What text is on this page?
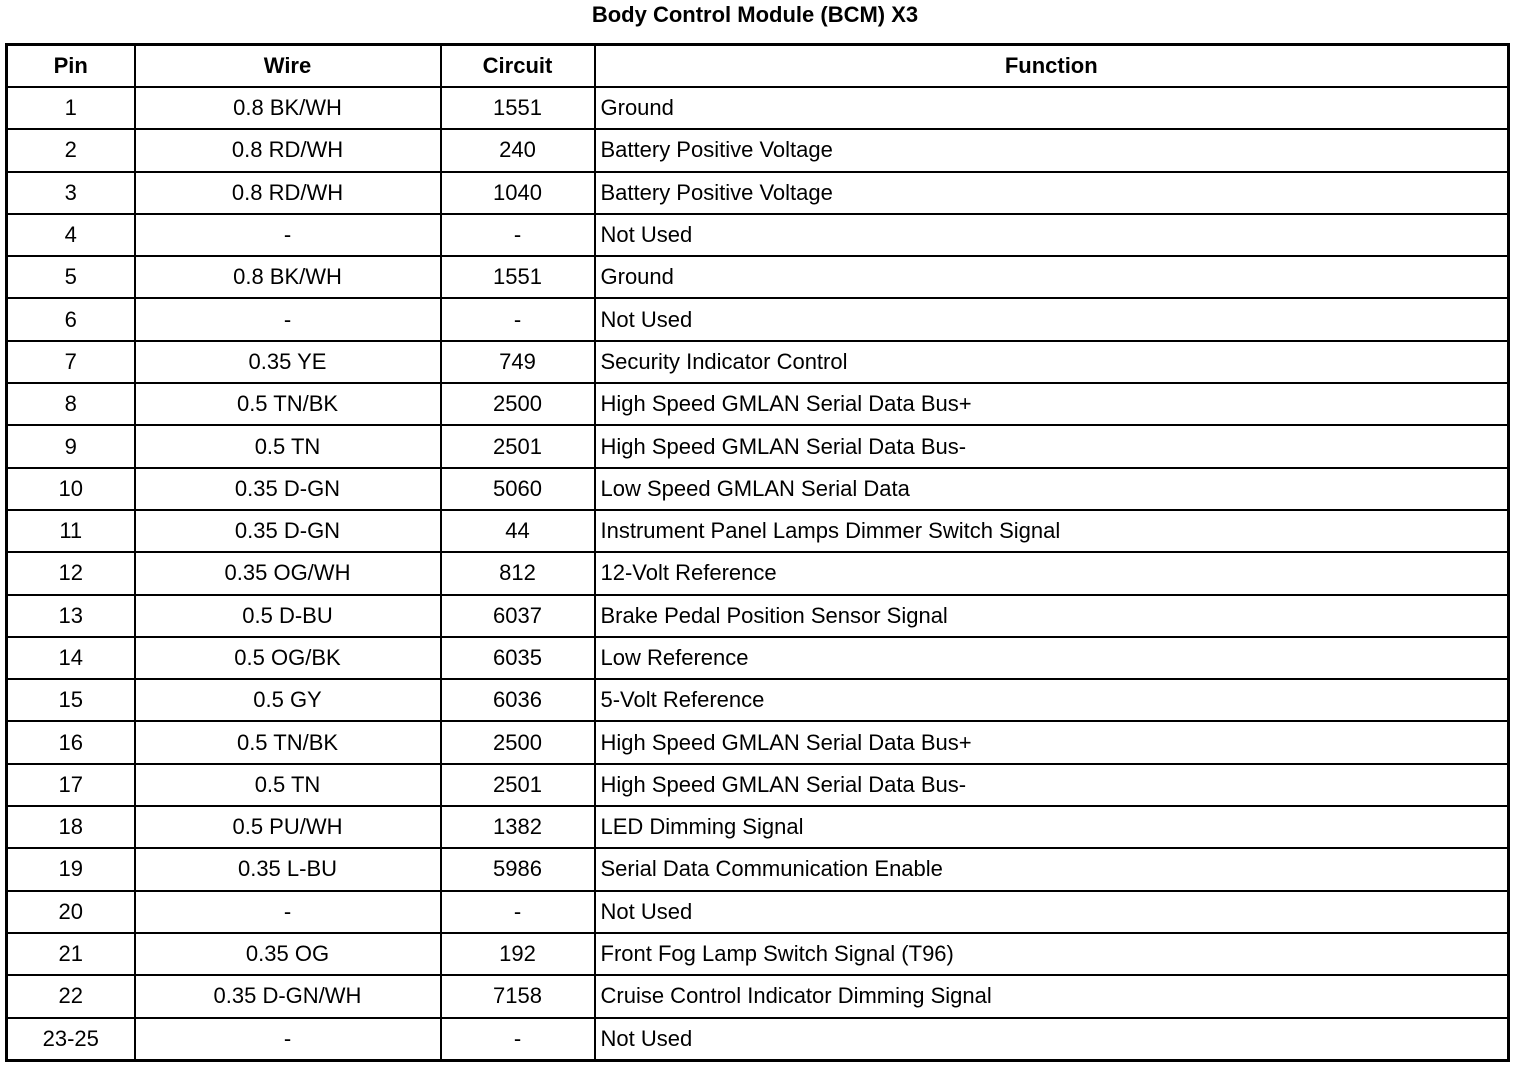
Body Control Module (BCM) X3
Pin	Wire	Circuit	Function
1	0.8 BK/WH	1551	Ground
2	0.8 RD/WH	240	Battery Positive Voltage
3	0.8 RD/WH	1040	Battery Positive Voltage
4	-	-	Not Used
5	0.8 BK/WH	1551	Ground
6	-	-	Not Used
7	0.35 YE	749	Security Indicator Control
8	0.5 TN/BK	2500	High Speed GMLAN Serial Data Bus+
9	0.5 TN	2501	High Speed GMLAN Serial Data Bus-
10	0.35 D-GN	5060	Low Speed GMLAN Serial Data
11	0.35 D-GN	44	Instrument Panel Lamps Dimmer Switch Signal
12	0.35 OG/WH	812	12-Volt Reference
13	0.5 D-BU	6037	Brake Pedal Position Sensor Signal
14	0.5 OG/BK	6035	Low Reference
15	0.5 GY	6036	5-Volt Reference
16	0.5 TN/BK	2500	High Speed GMLAN Serial Data Bus+
17	0.5 TN	2501	High Speed GMLAN Serial Data Bus-
18	0.5 PU/WH	1382	LED Dimming Signal
19	0.35 L-BU	5986	Serial Data Communication Enable
20	-	-	Not Used
21	0.35 OG	192	Front Fog Lamp Switch Signal (T96)
22	0.35 D-GN/WH	7158	Cruise Control Indicator Dimming Signal
23-25	-	-	Not Used
